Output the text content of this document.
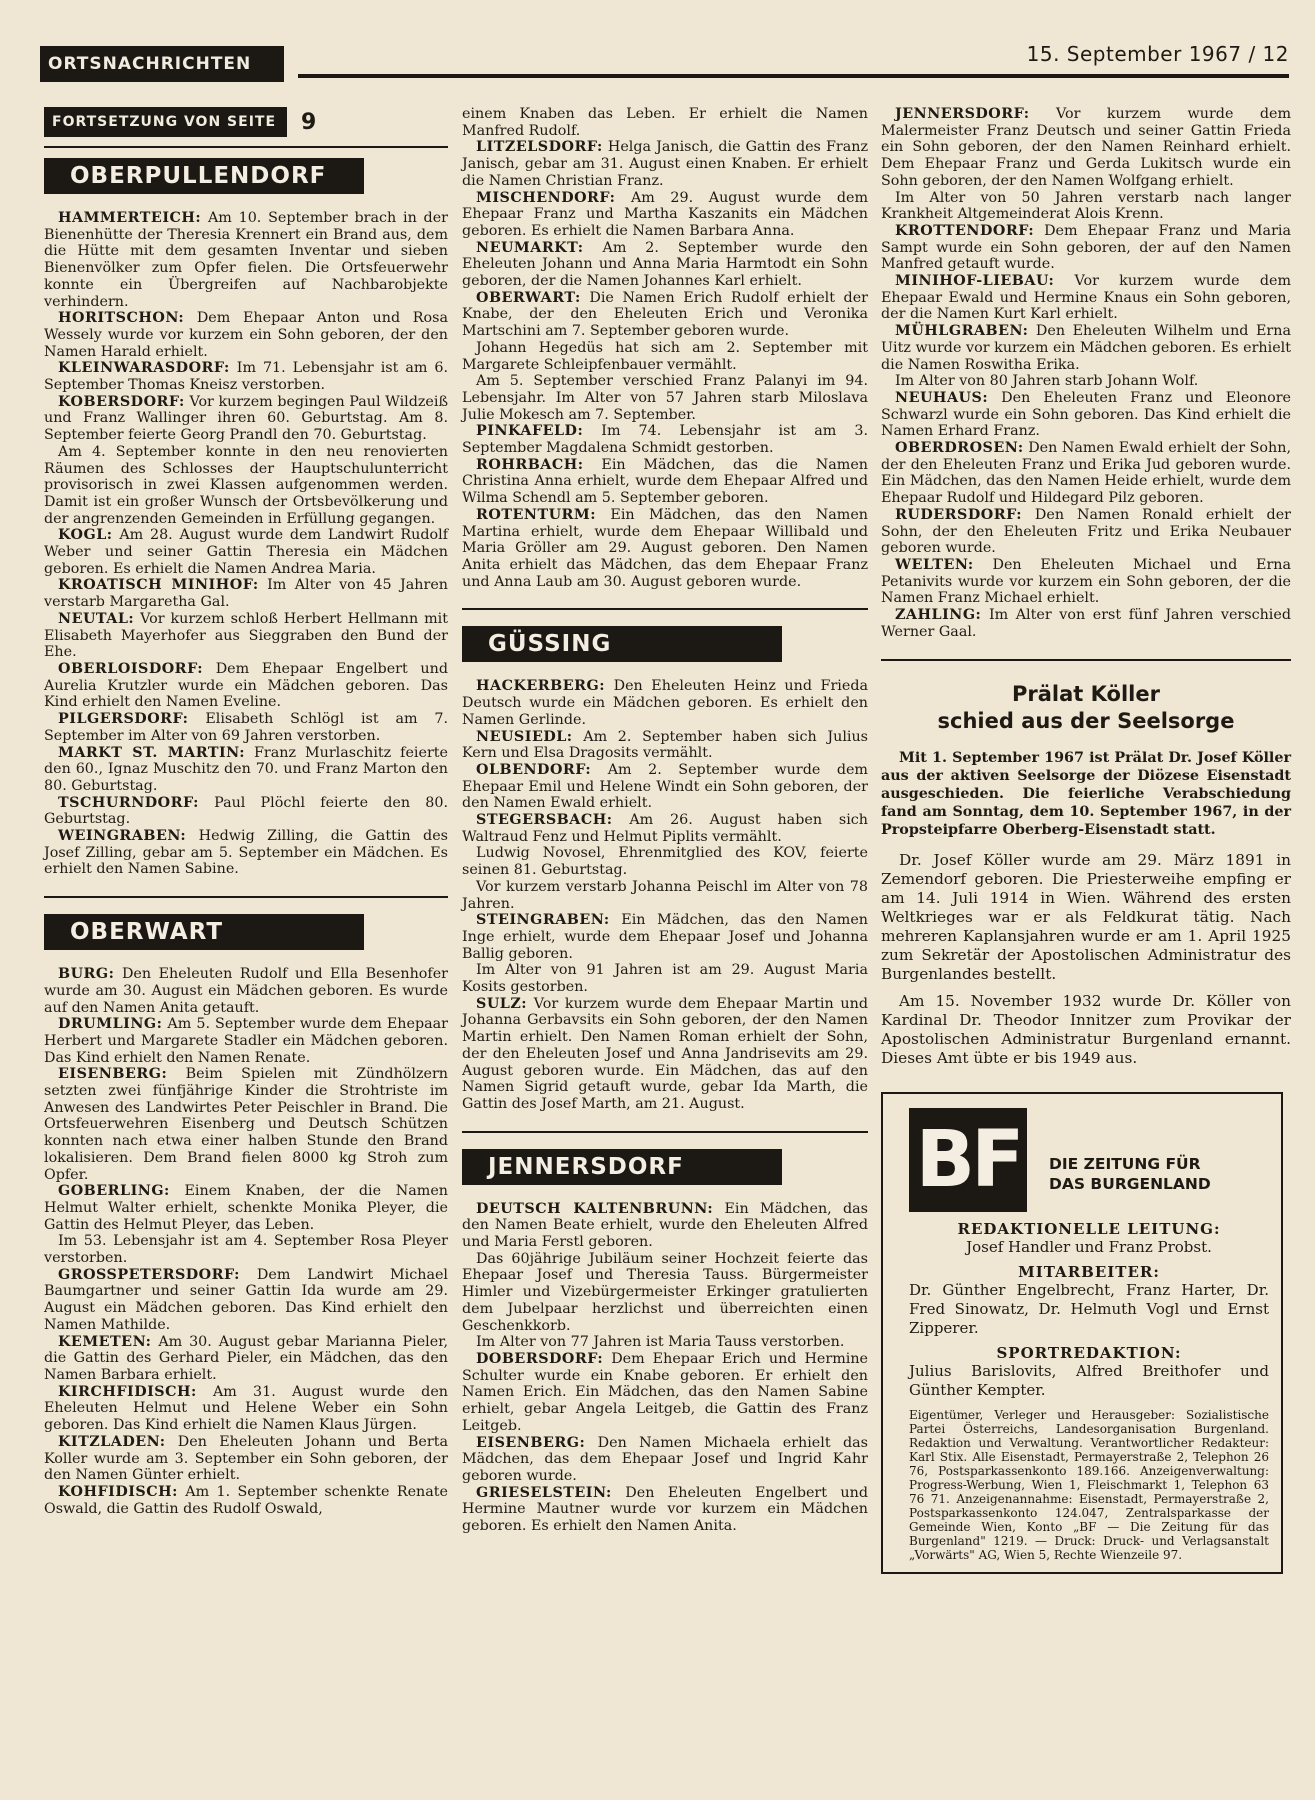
ORTSNACHRICHTEN	15. September 1967 / 12
FORTSETZUNG VON SEITE	9
OBERPULLENDORF

HAMMERTEICH: Am 10. September brach in der Bienenhütte der Theresia Krennert ein Brand aus, dem die Hütte mit dem gesamten Inventar und sieben Bienenvölker zum Opfer fielen. Die Ortsfeuerwehr konnte ein Übergreifen auf Nachbarobjekte verhindern.

HORITSCHON: Dem Ehepaar Anton und Rosa Wessely wurde vor kurzem ein Sohn geboren, der den Namen Harald erhielt.

KLEINWARASDORF: Im 71. Lebensjahr ist am 6. September Thomas Kneisz verstorben.

KOBERSDORF: Vor kurzem begingen Paul Wildzeiß und Franz Wallinger ihren 60. Geburtstag. Am 8. September feierte Georg Prandl den 70. Geburtstag.

Am 4. September konnte in den neu renovierten Räumen des Schlosses der Hauptschulunterricht provisorisch in zwei Klassen aufgenommen werden. Damit ist ein großer Wunsch der Ortsbevölkerung und der angrenzenden Gemeinden in Erfüllung gegangen.

KOGL: Am 28. August wurde dem Landwirt Rudolf Weber und seiner Gattin Theresia ein Mädchen geboren. Es erhielt die Namen Andrea Maria.

KROATISCH MINIHOF: Im Alter von 45 Jahren verstarb Margaretha Gal.

NEUTAL: Vor kurzem schloß Herbert Hellmann mit Elisabeth Mayerhofer aus Sieggraben den Bund der Ehe.

OBERLOISDORF: Dem Ehepaar Engelbert und Aurelia Krutzler wurde ein Mädchen geboren. Das Kind erhielt den Namen Eveline.

PILGERSDORF: Elisabeth Schlögl ist am 7. September im Alter von 69 Jahren verstorben.

MARKT ST. MARTIN: Franz Murlaschitz feierte den 60., Ignaz Muschitz den 70. und Franz Marton den 80. Geburtstag.

TSCHURNDORF: Paul Plöchl feierte den 80. Geburtstag.

WEINGRABEN: Hedwig Zilling, die Gattin des Josef Zilling, gebar am 5. September ein Mädchen. Es erhielt den Namen Sabine.

OBERWART

BURG: Den Eheleuten Rudolf und Ella Besenhofer wurde am 30. August ein Mädchen geboren. Es wurde auf den Namen Anita getauft.

DRUMLING: Am 5. September wurde dem Ehepaar Herbert und Margarete Stadler ein Mädchen geboren. Das Kind erhielt den Namen Renate.

EISENBERG: Beim Spielen mit Zündhölzern setzten zwei fünfjährige Kinder die Strohtriste im Anwesen des Landwirtes Peter Peischler in Brand. Die Ortsfeuerwehren Eisenberg und Deutsch Schützen konnten nach etwa einer halben Stunde den Brand lokalisieren. Dem Brand fielen 8000 kg Stroh zum Opfer.

GOBERLING: Einem Knaben, der die Namen Helmut Walter erhielt, schenkte Monika Pleyer, die Gattin des Helmut Pleyer, das Leben.

Im 53. Lebensjahr ist am 4. September Rosa Pleyer verstorben.

GROSSPETERSDORF: Dem Landwirt Michael Baumgartner und seiner Gattin Ida wurde am 29. August ein Mädchen geboren. Das Kind erhielt den Namen Mathilde.

KEMETEN: Am 30. August gebar Marianna Pieler, die Gattin des Gerhard Pieler, ein Mädchen, das den Namen Barbara erhielt.

KIRCHFIDISCH: Am 31. August wurde den Eheleuten Helmut und Helene Weber ein Sohn geboren. Das Kind erhielt die Namen Klaus Jürgen.

KITZLADEN: Den Eheleuten Johann und Berta Koller wurde am 3. September ein Sohn geboren, der den Namen Günter erhielt.

KOHFIDISCH: Am 1. September schenkte Renate Oswald, die Gattin des Rudolf Oswald,

einem Knaben das Leben. Er erhielt die Namen Manfred Rudolf.

LITZELSDORF: Helga Janisch, die Gattin des Franz Janisch, gebar am 31. August einen Knaben. Er erhielt die Namen Christian Franz.

MISCHENDORF: Am 29. August wurde dem Ehepaar Franz und Martha Kaszanits ein Mädchen geboren. Es erhielt die Namen Barbara Anna.

NEUMARKT: Am 2. September wurde den Eheleuten Johann und Anna Maria Harmtodt ein Sohn geboren, der die Namen Johannes Karl erhielt.

OBERWART: Die Namen Erich Rudolf erhielt der Knabe, der den Eheleuten Erich und Veronika Martschini am 7. September geboren wurde.

Johann Hegedüs hat sich am 2. September mit Margarete Schleipfenbauer vermählt.

Am 5. September verschied Franz Palanyi im 94. Lebensjahr. Im Alter von 57 Jahren starb Miloslava Julie Mokesch am 7. September.

PINKAFELD: Im 74. Lebensjahr ist am 3. September Magdalena Schmidt gestorben.

ROHRBACH: Ein Mädchen, das die Namen Christina Anna erhielt, wurde dem Ehepaar Alfred und Wilma Schendl am 5. September geboren.

ROTENTURM: Ein Mädchen, das den Namen Martina erhielt, wurde dem Ehepaar Willibald und Maria Gröller am 29. August geboren. Den Namen Anita erhielt das Mädchen, das dem Ehepaar Franz und Anna Laub am 30. August geboren wurde.

GÜSSING

HACKERBERG: Den Eheleuten Heinz und Frieda Deutsch wurde ein Mädchen geboren. Es erhielt den Namen Gerlinde.

NEUSIEDL: Am 2. September haben sich Julius Kern und Elsa Dragosits vermählt.

OLBENDORF: Am 2. September wurde dem Ehepaar Emil und Helene Windt ein Sohn geboren, der den Namen Ewald erhielt.

STEGERSBACH: Am 26. August haben sich Waltraud Fenz und Helmut Piplits vermählt.

Ludwig Novosel, Ehrenmitglied des KOV, feierte seinen 81. Geburtstag.

Vor kurzem verstarb Johanna Peischl im Alter von 78 Jahren.

STEINGRABEN: Ein Mädchen, das den Namen Inge erhielt, wurde dem Ehepaar Josef und Johanna Ballig geboren.

Im Alter von 91 Jahren ist am 29. August Maria Kosits gestorben.

SULZ: Vor kurzem wurde dem Ehepaar Martin und Johanna Gerbavsits ein Sohn geboren, der den Namen Martin erhielt. Den Namen Roman erhielt der Sohn, der den Eheleuten Josef und Anna Jandrisevits am 29. August geboren wurde. Ein Mädchen, das auf den Namen Sigrid getauft wurde, gebar Ida Marth, die Gattin des Josef Marth, am 21. August.

JENNERSDORF

DEUTSCH KALTENBRUNN: Ein Mädchen, das den Namen Beate erhielt, wurde den Eheleuten Alfred und Maria Ferstl geboren.

Das 60jährige Jubiläum seiner Hochzeit feierte das Ehepaar Josef und Theresia Tauss. Bürgermeister Himler und Vizebürgermeister Erkinger gratulierten dem Jubelpaar herzlichst und überreichten einen Geschenkkorb.

Im Alter von 77 Jahren ist Maria Tauss verstorben.

DOBERSDORF: Dem Ehepaar Erich und Hermine Schulter wurde ein Knabe geboren. Er erhielt den Namen Erich. Ein Mädchen, das den Namen Sabine erhielt, gebar Angela Leitgeb, die Gattin des Franz Leitgeb.

EISENBERG: Den Namen Michaela erhielt das Mädchen, das dem Ehepaar Josef und Ingrid Kahr geboren wurde.

GRIESELSTEIN: Den Eheleuten Engelbert und Hermine Mautner wurde vor kurzem ein Mädchen geboren. Es erhielt den Namen Anita.

JENNERSDORF: Vor kurzem wurde dem Malermeister Franz Deutsch und seiner Gattin Frieda ein Sohn geboren, der den Namen Reinhard erhielt. Dem Ehepaar Franz und Gerda Lukitsch wurde ein Sohn geboren, der den Namen Wolfgang erhielt.

Im Alter von 50 Jahren verstarb nach langer Krankheit Altgemeinderat Alois Krenn.

KROTTENDORF: Dem Ehepaar Franz und Maria Sampt wurde ein Sohn geboren, der auf den Namen Manfred getauft wurde.

MINIHOF-LIEBAU: Vor kurzem wurde dem Ehepaar Ewald und Hermine Knaus ein Sohn geboren, der die Namen Kurt Karl erhielt.

MÜHLGRABEN: Den Eheleuten Wilhelm und Erna Uitz wurde vor kurzem ein Mädchen geboren. Es erhielt die Namen Roswitha Erika.

Im Alter von 80 Jahren starb Johann Wolf.

NEUHAUS: Den Eheleuten Franz und Eleonore Schwarzl wurde ein Sohn geboren. Das Kind erhielt die Namen Erhard Franz.

OBERDROSEN: Den Namen Ewald erhielt der Sohn, der den Eheleuten Franz und Erika Jud geboren wurde. Ein Mädchen, das den Namen Heide erhielt, wurde dem Ehepaar Rudolf und Hildegard Pilz geboren.

RUDERSDORF: Den Namen Ronald erhielt der Sohn, der den Eheleuten Fritz und Erika Neubauer geboren wurde.

WELTEN: Den Eheleuten Michael und Erna Petanivits wurde vor kurzem ein Sohn geboren, der die Namen Franz Michael erhielt.

ZAHLING: Im Alter von erst fünf Jahren verschied Werner Gaal.

Prälat Köller
schied aus der Seelsorge
Mit 1. September 1967 ist Prälat Dr. Josef Köller aus der aktiven Seelsorge der Diözese Eisenstadt ausgeschieden. Die feierliche Verabschiedung fand am Sonntag, dem 10. September 1967, in der Propsteipfarre Oberberg-Eisenstadt statt.

Dr. Josef Köller wurde am 29. März 1891 in Zemendorf geboren. Die Priesterweihe empfing er am 14. Juli 1914 in Wien. Während des ersten Weltkrieges war er als Feldkurat tätig. Nach mehreren Kaplansjahren wurde er am 1. April 1925 zum Sekretär der Apostolischen Administratur des Burgenlandes bestellt.

Am 15. November 1932 wurde Dr. Köller von Kardinal Dr. Theodor Innitzer zum Provikar der Apostolischen Administratur Burgenland ernannt. Dieses Amt übte er bis 1949 aus.

BF	DIE ZEITUNG FÜR
DAS BURGENLAND
REDAKTIONELLE LEITUNG:
Josef Handler und Franz Probst.
MITARBEITER:
Dr. Günther Engelbrecht, Franz Harter, Dr. Fred Sinowatz, Dr. Helmuth Vogl und Ernst Zipperer.
SPORTREDAKTION:
Julius Barislovits, Alfred Breithofer und Günther Kempter.
Eigentümer, Verleger und Herausgeber: Sozialistische Partei Österreichs, Landesorganisation Burgenland. Redaktion und Verwaltung. Verantwortlicher Redakteur: Karl Stix. Alle Eisenstadt, Permayerstraße 2, Telephon 26 76, Postsparkassenkonto 189.166. Anzeigenverwaltung: Progress-Werbung, Wien 1, Fleischmarkt 1, Telephon 63 76 71. Anzeigenannahme: Eisenstadt, Permayerstraße 2, Postsparkassenkonto 124.047, Zentralsparkasse der Gemeinde Wien, Konto „BF — Die Zeitung für das Burgenland" 1219. — Druck: Druck- und Verlagsanstalt „Vorwärts" AG, Wien 5, Rechte Wienzeile 97.
